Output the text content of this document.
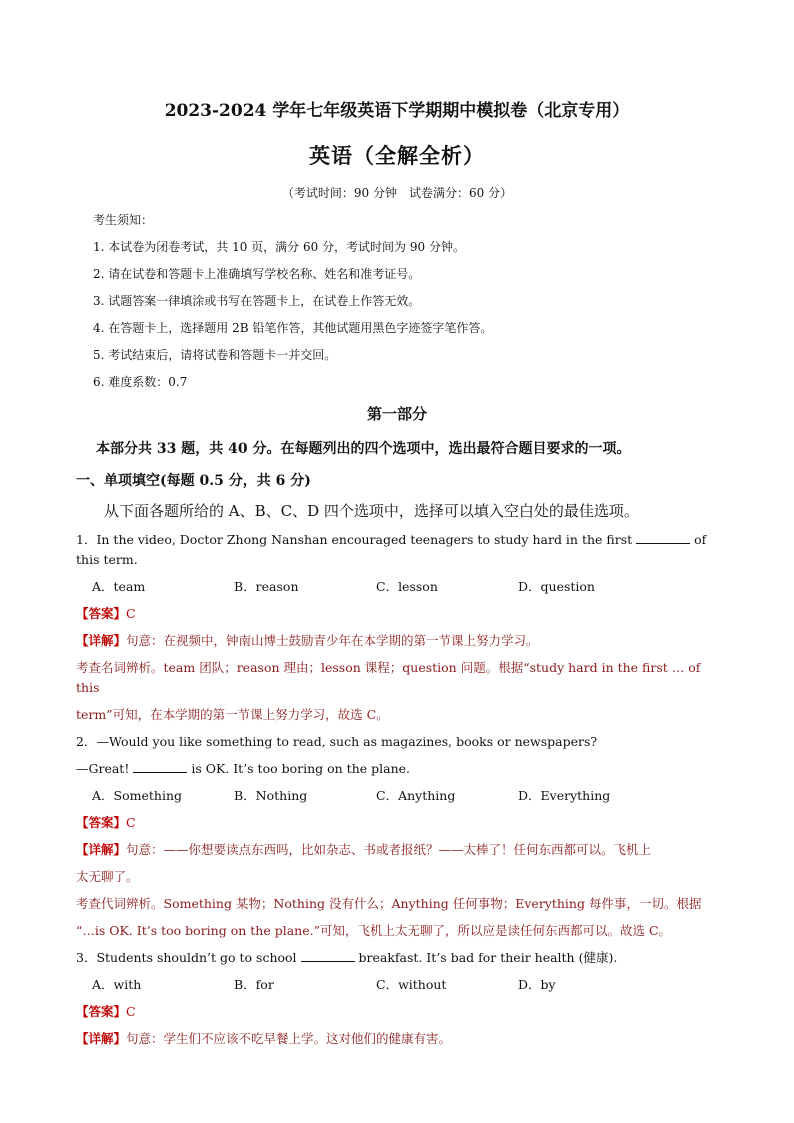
2023-2024 学年七年级英语下学期期中模拟卷（北京专用）
英语（全解全析）
（考试时间：90 分钟　试卷满分：60 分）
考生须知：
1. 本试卷为闭卷考试，共 10 页，满分 60 分，考试时间为 90 分钟。
2. 请在试卷和答题卡上准确填写学校名称、姓名和准考证号。
3. 试题答案一律填涂或书写在答题卡上，在试卷上作答无效。
4. 在答题卡上，选择题用 2B 铅笔作答，其他试题用黑色字迹签字笔作答。
5. 考试结束后，请将试卷和答题卡一并交回。
6. 难度系数：0.7
第一部分
本部分共 33 题，共 40 分。在每题列出的四个选项中，选出最符合题目要求的一项。
一、单项填空(每题 0.5 分，共 6 分)
从下面各题所给的 A、B、C、D 四个选项中，选择可以填入空白处的最佳选项。
1．In the video, Doctor Zhong Nanshan encouraged teenagers to study hard in the first	of this term.
A．team	B．reason	C．lesson	D．question
【答案】C
【详解】句意：在视频中，钟南山博士鼓励青少年在本学期的第一节课上努力学习。
考查名词辨析。team 团队；reason 理由；lesson 课程；question 问题。根据“study hard in the first … of this
term”可知，在本学期的第一节课上努力学习，故选 C。
2．—Would you like something to read, such as magazines, books or newspapers?
—Great!	is OK. It’s too boring on the plane.
A．Something	B．Nothing	C．Anything	D．Everything
【答案】C
【详解】句意：——你想要读点东西吗，比如杂志、书或者报纸？——太棒了！任何东西都可以。飞机上
太无聊了。
考查代词辨析。Something 某物；Nothing 没有什么；Anything 任何事物；Everything 每件事，一切。根据
“…is OK. It’s too boring on the plane.”可知，飞机上太无聊了，所以应是读任何东西都可以。故选 C。
3．Students shouldn’t go to school	breakfast. It’s bad for their health (健康).
A．with	B．for	C．without	D．by
【答案】C
【详解】句意：学生们不应该不吃早餐上学。这对他们的健康有害。
